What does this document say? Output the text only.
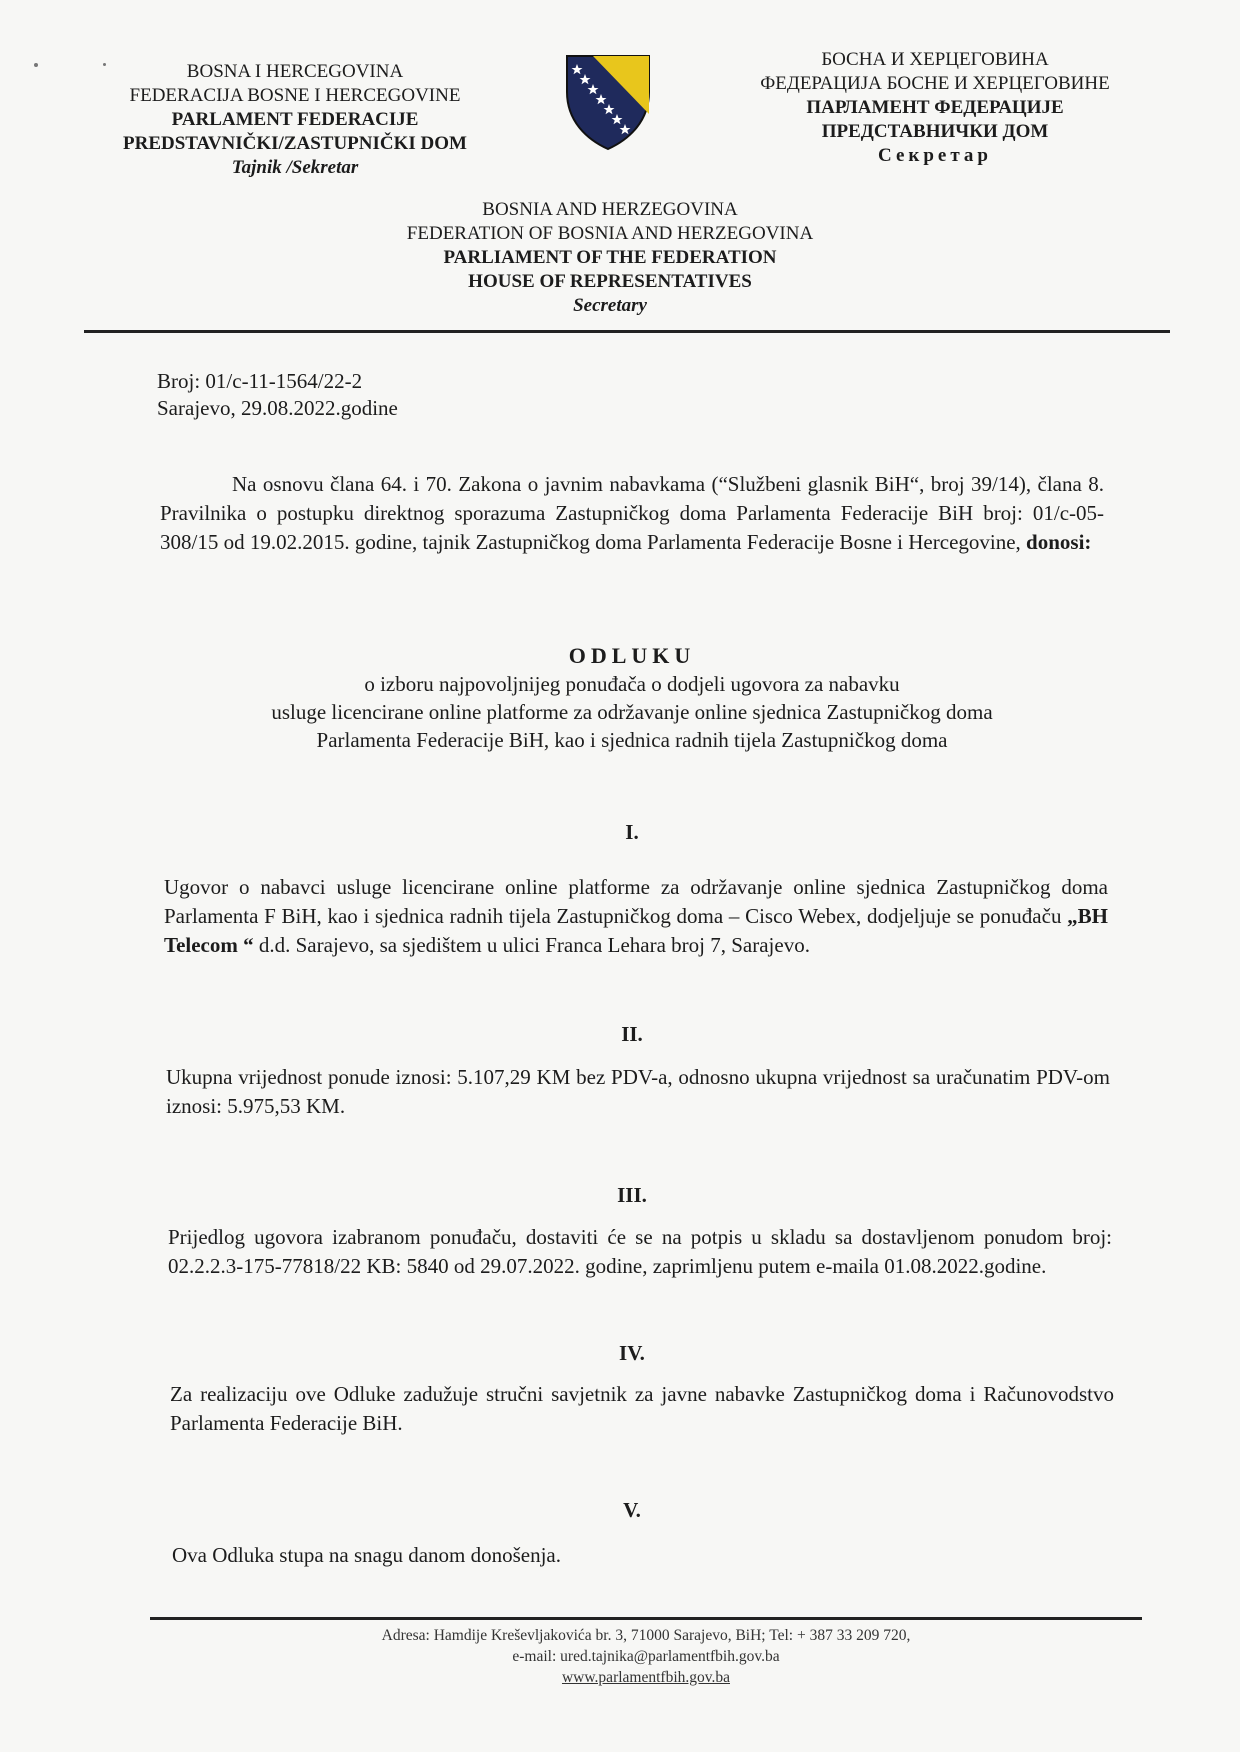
BOSNA I HERCEGOVINA
FEDERACIJA BOSNE I HERCEGOVINE
PARLAMENT FEDERACIJE
PREDSTAVNIČKI/ZASTUPNIČKI DOM
Tajnik /Sekretar
БОСНА И ХЕРЦЕГОВИНА
ФЕДЕРАЦИЈА БОСНЕ И ХЕРЦЕГОВИНЕ
ПАРЛАМЕНТ ФЕДЕРАЦИЈЕ
ПРЕДСТАВНИЧКИ ДОМ
Секретар
BOSNIA AND HERZEGOVINA
FEDERATION OF BOSNIA AND HERZEGOVINA
PARLIAMENT OF THE FEDERATION
HOUSE OF REPRESENTATIVES
Secretary
Broj: 01/c-11-1564/22-2
Sarajevo, 29.08.2022.godine
Na osnovu člana 64. i 70. Zakona o javnim nabavkama (“Službeni glasnik BiH“, broj 39/14), člana 8. Pravilnika o postupku direktnog sporazuma Zastupničkog doma Parlamenta Federacije BiH broj: 01/c-05-308/15 od 19.02.2015. godine, tajnik Zastupničkog doma Parlamenta Federacije Bosne i Hercegovine, donosi:
ODLUKU
o izboru najpovoljnijeg ponuđača o dodjeli ugovora za nabavku
usluge licencirane online platforme za održavanje online sjednica Zastupničkog doma
Parlamenta Federacije BiH, kao i sjednica radnih tijela Zastupničkog doma
I.
Ugovor o nabavci usluge licencirane online platforme za održavanje online sjednica Zastupničkog doma Parlamenta F BiH, kao i sjednica radnih tijela Zastupničkog doma – Cisco Webex, dodjeljuje se ponuđaču „BH Telecom “ d.d. Sarajevo, sa sjedištem u ulici Franca Lehara broj 7, Sarajevo.
II.
Ukupna vrijednost ponude iznosi: 5.107,29 KM bez PDV-a, odnosno ukupna vrijednost sa uračunatim PDV-om iznosi: 5.975,53 KM.
III.
Prijedlog ugovora izabranom ponuđaču, dostaviti će se na potpis u skladu sa dostavljenom ponudom broj: 02.2.2.3-175-77818/22 KB: 5840 od 29.07.2022. godine, zaprimljenu putem e-maila 01.08.2022.godine.
IV.
Za realizaciju ove Odluke zadužuje stručni savjetnik za javne nabavke Zastupničkog doma i Računovodstvo Parlamenta Federacije BiH.
V.
Ova Odluka stupa na snagu danom donošenja.
Adresa: Hamdije Kreševljakovića br. 3, 71000 Sarajevo, BiH; Tel: + 387 33 209 720,
e-mail: ured.tajnika@parlamentfbih.gov.ba
www.parlamentfbih.gov.ba
